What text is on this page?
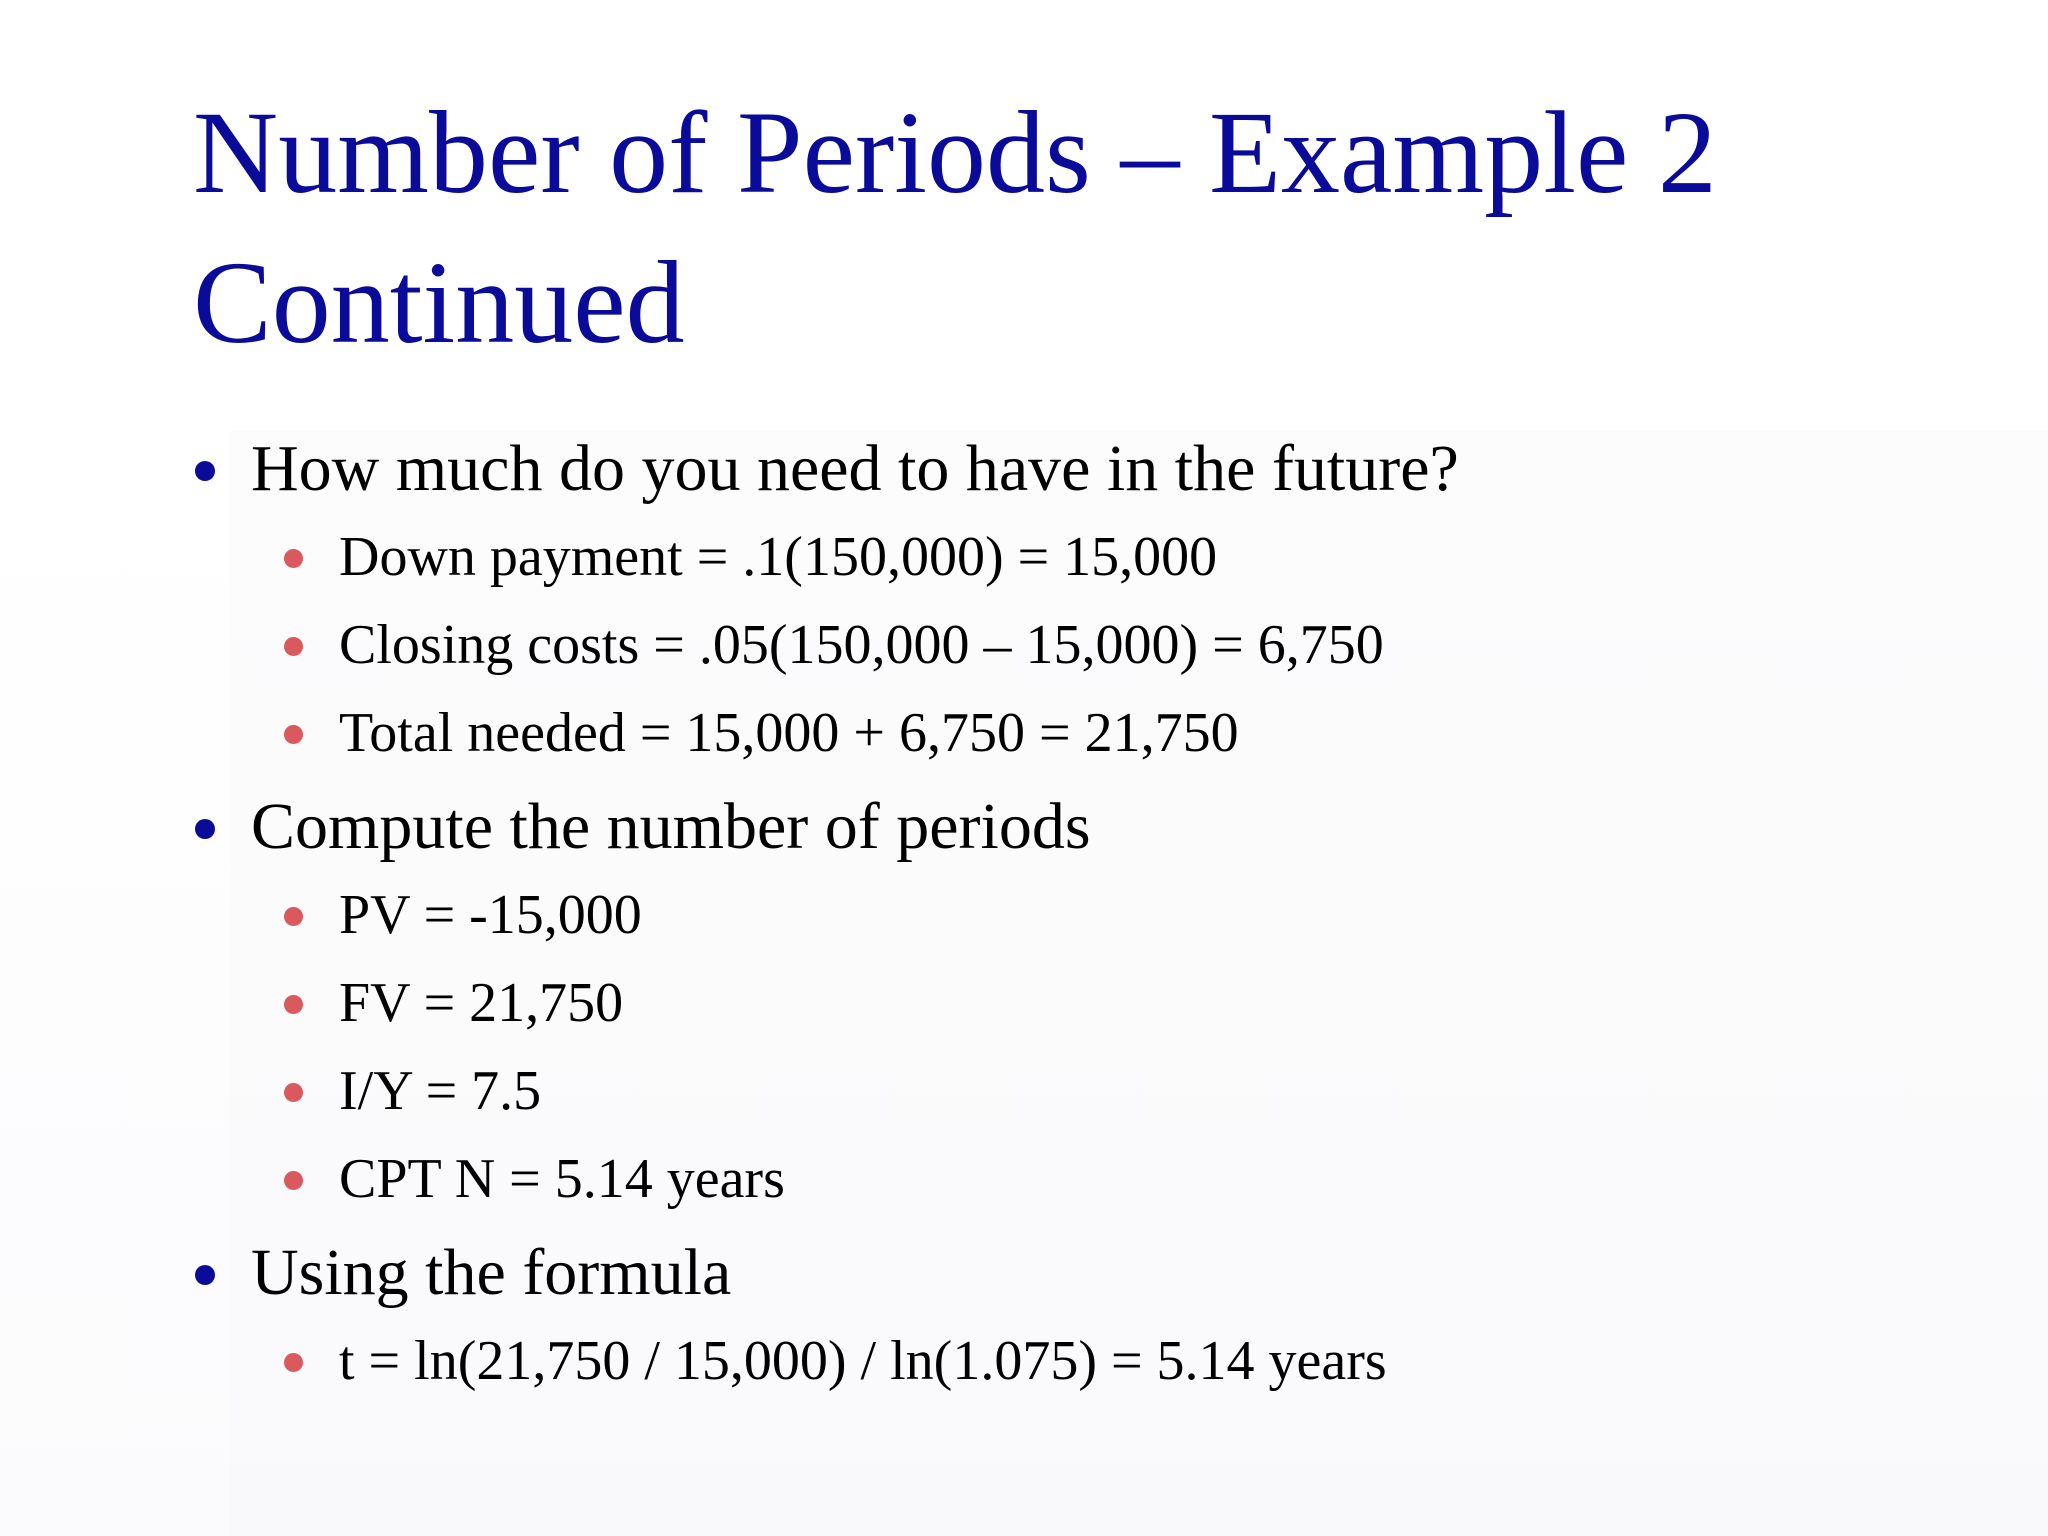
Number of Periods – Example 2 Continued
How much do you need to have in the future?
Down payment = .1(150,000) = 15,000
Closing costs = .05(150,000 – 15,000) = 6,750
Total needed = 15,000 + 6,750 = 21,750
Compute the number of periods
PV = -15,000
FV = 21,750
I/Y = 7.5
CPT N = 5.14 years
Using the formula
t = ln(21,750 / 15,000) / ln(1.075) = 5.14 years
